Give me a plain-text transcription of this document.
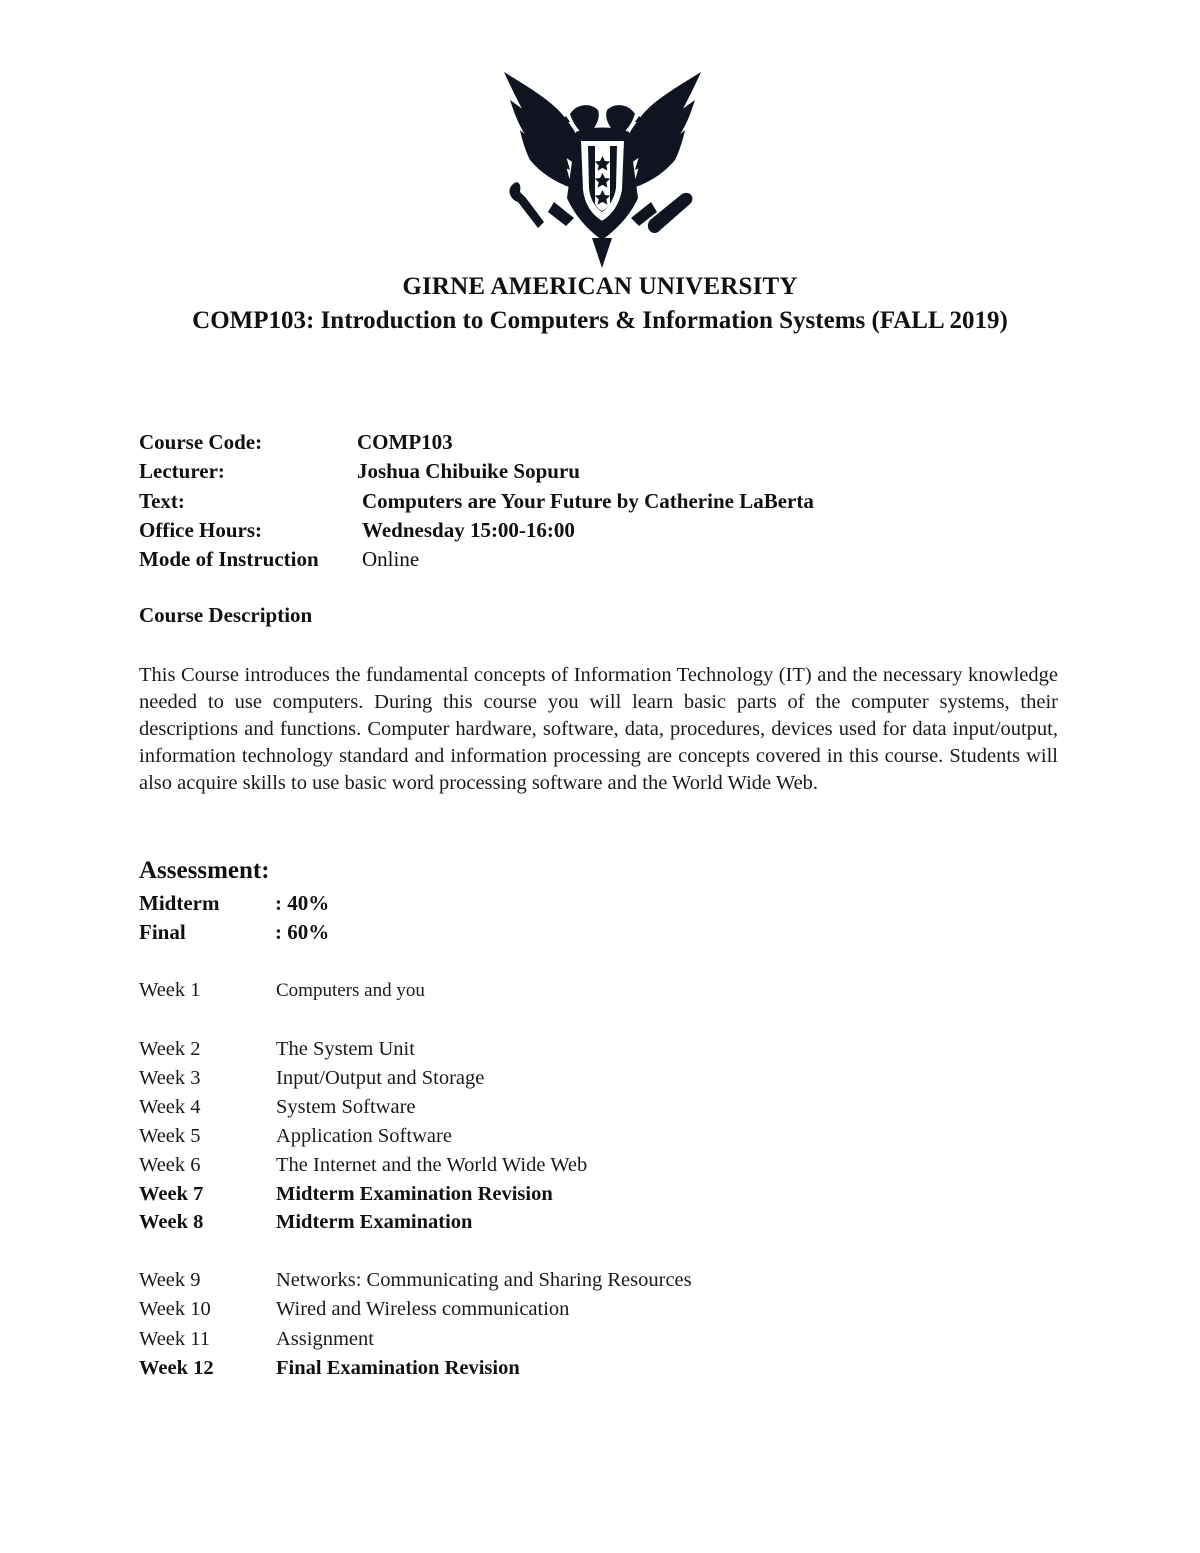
GIRNE AMERICAN UNIVERSITY
COMP103: Introduction to Computers & Information Systems (FALL 2019)
Course Code:	COMP103
Lecturer:	Joshua Chibuike Sopuru
Text:	Computers are Your Future by Catherine LaBerta
Office Hours:	Wednesday 15:00-16:00
Mode of Instruction Online
Course Description
This Course introduces the fundamental concepts of Information Technology (IT) and the necessary knowledge needed to use computers. During this course you will learn basic parts of the computer systems, their descriptions and functions. Computer hardware, software, data, procedures, devices used for data input/output, information technology standard and information processing are concepts covered in this course. Students will also acquire skills to use basic word processing software and the World Wide Web.
Assessment:
Midterm	: 40%
Final	: 60%
Week 1	Computers and you
Week 2	The System Unit
Week 3	Input/Output and Storage
Week 4	System Software
Week 5	Application Software
Week 6	The Internet and the World Wide Web
Week 7	Midterm Examination Revision
Week 8	Midterm Examination
Week 9	Networks: Communicating and Sharing Resources
Week 10	Wired and Wireless communication
Week 11	Assignment
Week 12	Final Examination Revision
